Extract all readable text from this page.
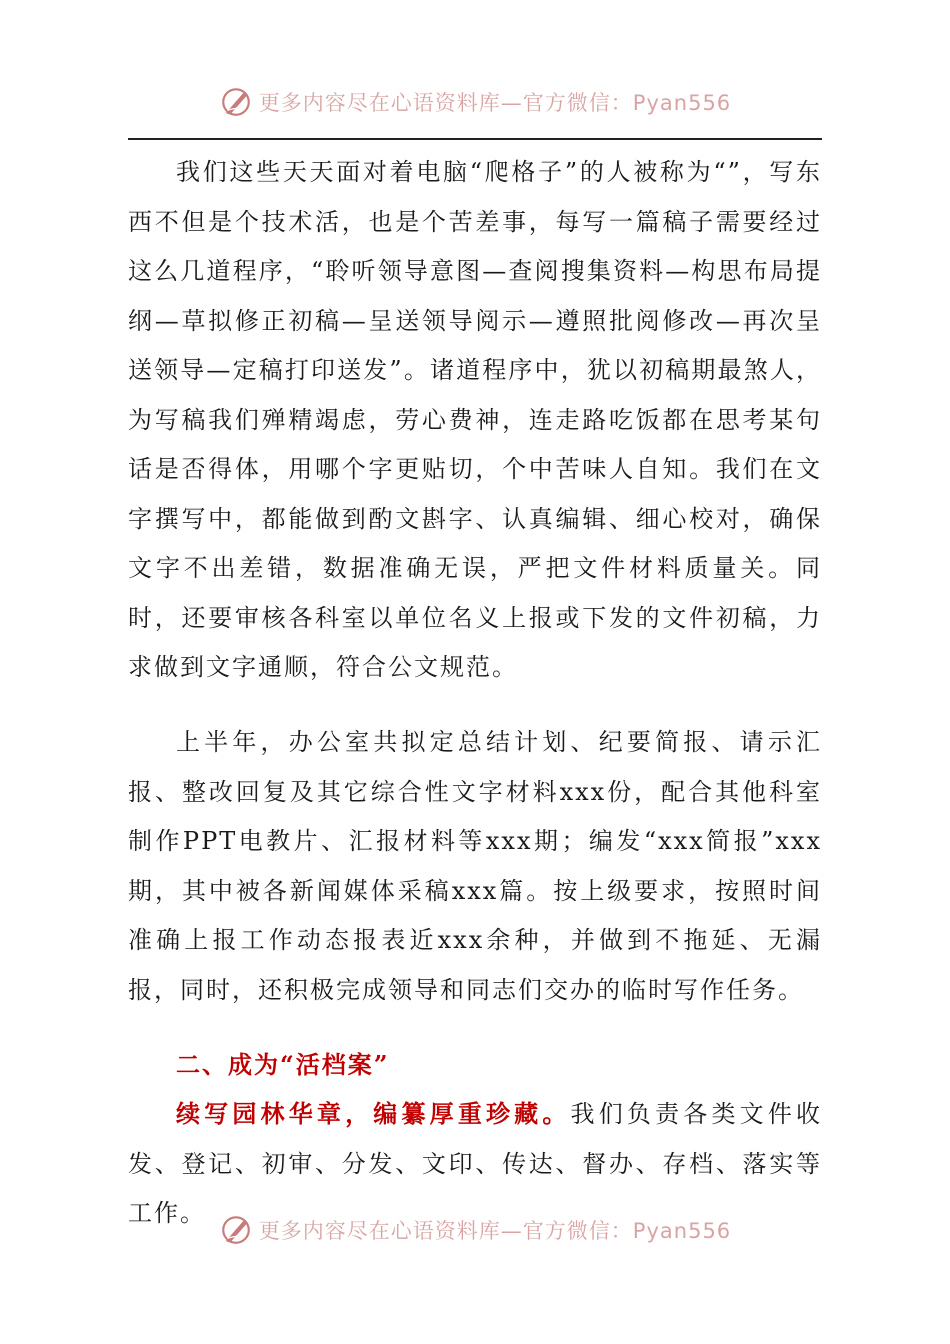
更多内容尽在心语资料库—官方微信：Pyan556

我们这些天天面对着电脑“爬格子”的人被称为“”，写东西不但是个技术活，也是个苦差事，每写一篇稿子需要经过这么几道程序，“聆听领导意图—查阅搜集资料—构思布局提纲—草拟修正初稿—呈送领导阅示—遵照批阅修改—再次呈送领导—定稿打印送发”。诸道程序中，犹以初稿期最煞人，为写稿我们殚精竭虑，劳心费神，连走路吃饭都在思考某句话是否得体，用哪个字更贴切，个中苦味人自知。我们在文字撰写中，都能做到酌文斟字、认真编辑、细心校对，确保文字不出差错，数据准确无误，严把文件材料质量关。同时，还要审核各科室以单位名义上报或下发的文件初稿，力求做到文字通顺，符合公文规范。

上半年，办公室共拟定总结计划、纪要简报、请示汇报、整改回复及其它综合性文字材料xxx份，配合其他科室制作PPT电教片、汇报材料等xxx期；编发“xxx简报”xxx期，其中被各新闻媒体采稿xxx篇。按上级要求，按照时间准确上报工作动态报表近xxx余种，并做到不拖延、无漏报，同时，还积极完成领导和同志们交办的临时写作任务。

二、成为“活档案”

续写园林华章，编纂厚重珍藏。我们负责各类文件收发、登记、初审、分发、文印、传达、督办、存档、落实等工作。

更多内容尽在心语资料库—官方微信：Pyan556
